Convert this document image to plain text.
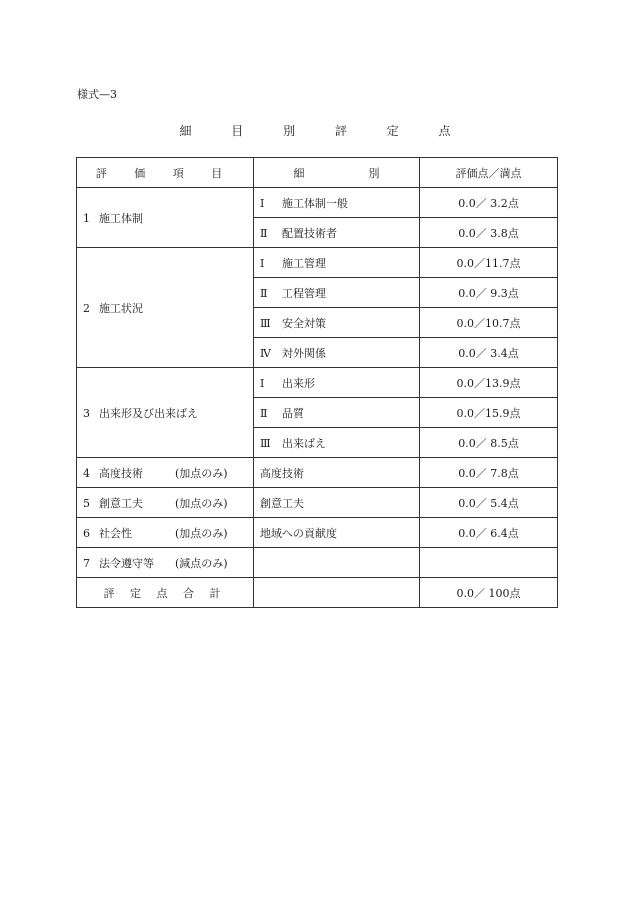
様式—3
細 目 別 評 定 点
評 価 項 目	細 別	評価点／満点
1 施工体制	Ⅰ 施工体制一般	0.0／ 3.2点
	Ⅱ 配置技術者	0.0／ 3.8点
2 施工状況	Ⅰ 施工管理	0.0／11.7点
	Ⅱ 工程管理	0.0／ 9.3点
	Ⅲ 安全対策	0.0／10.7点
	Ⅳ 対外関係	0.0／ 3.4点
3 出来形及び出来ばえ	Ⅰ 出来形	0.0／13.9点
	Ⅱ 品質	0.0／15.9点
	Ⅲ 出来ばえ	0.0／ 8.5点
4 高度技術 (加点のみ)	高度技術	0.0／ 7.8点
5 創意工夫 (加点のみ)	創意工夫	0.0／ 5.4点
6 社会性 (加点のみ)	地域への貢献度	0.0／ 6.4点
7 法令遵守等 (減点のみ)		
評 定 点 合 計		0.0／ 100点
